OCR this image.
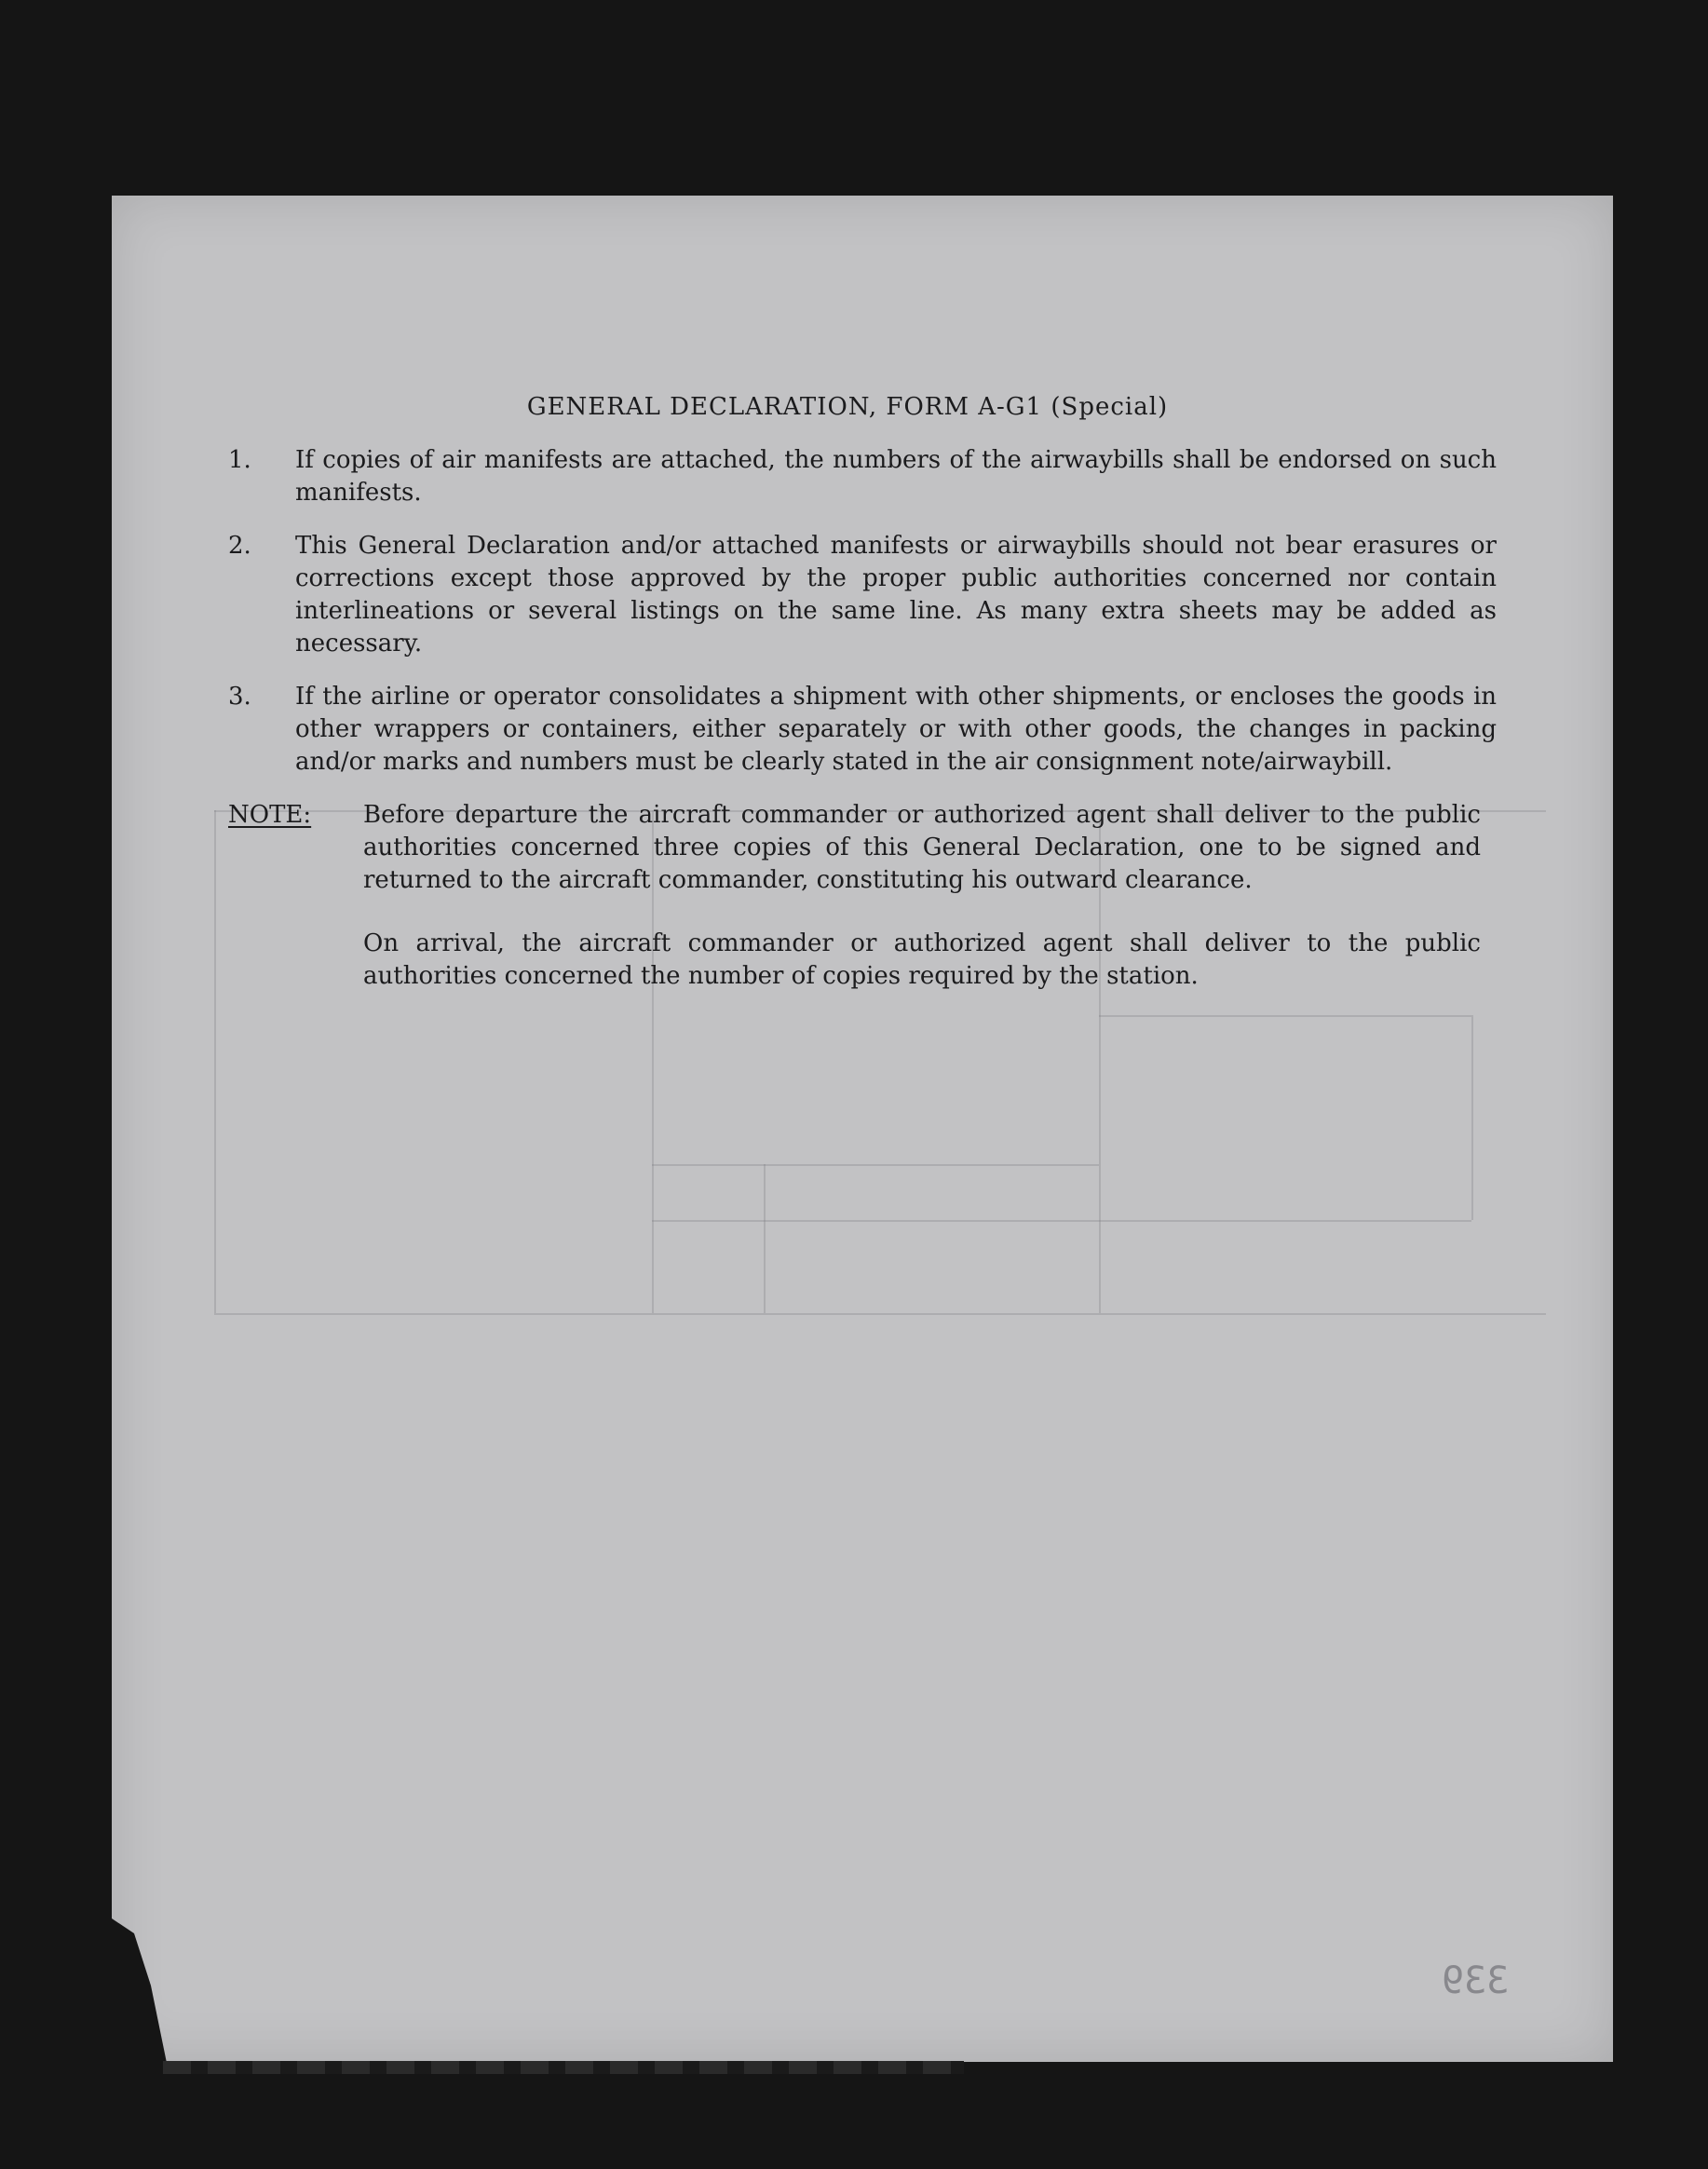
GENERAL DECLARATION, FORM A-G1 (Special)
1.	If copies of air manifests are attached, the numbers of the airwaybills shall be endorsed on such manifests.
2.	This General Declaration and/or attached manifests or airwaybills should not bear erasures or corrections except those approved by the proper public authorities concerned nor contain interlineations or several listings on the same line. As many extra sheets may be added as necessary.
3.	If the airline or operator consolidates a shipment with other shipments, or encloses the goods in other wrappers or containers, either separately or with other goods, the changes in packing and/or marks and numbers must be clearly stated in the air consignment note/airwaybill.
NOTE:	Before departure the aircraft commander or authorized agent shall deliver to the public authorities concerned three copies of this General Declaration, one to be signed and returned to the aircraft commander, constituting his outward clearance.
On arrival, the aircraft commander or authorized agent shall deliver to the public authorities concerned the number of copies required by the station.
339
